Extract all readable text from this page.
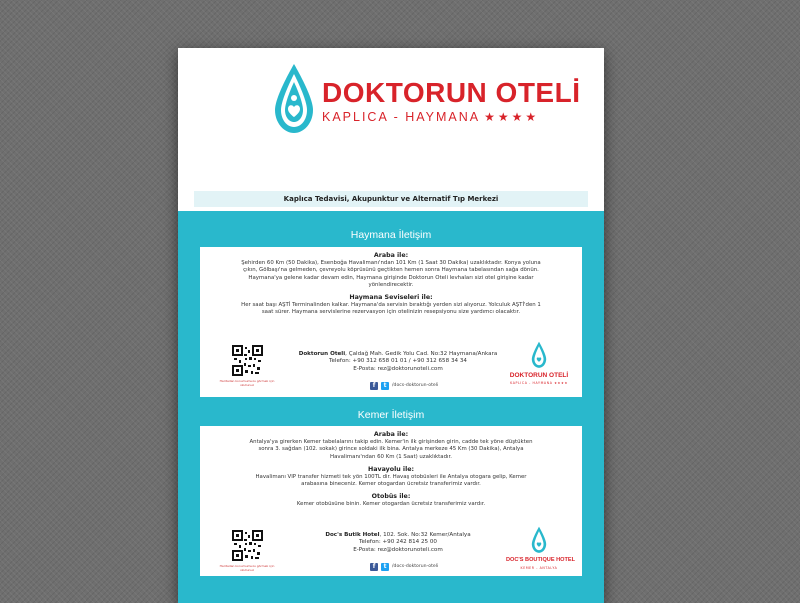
DOKTORUN OTELİ
KAPLICA - HAYMANA ★★★★
Kaplıca Tedavisi, Akupunktur ve Alternatif Tıp Merkezi
Haymana İletişim
Araba ile:
Şehirden 60 Km (50 Dakika), Esenboğa Havalimanı'ndan 101 Km (1 Saat 30 Dakika) uzaklıktadır. Konya yoluna çıkın, Gölbaşı'na gelmeden, çevreyolu köprüsünü geçtikten hemen sonra Haymana tabelasından sağa dönün. Haymana'ya gelene kadar devam edin, Haymana girişinde Doktorun Oteli levhaları sizi otel girişine kadar yönlendirecektir.
Haymana Seviseleri ile:
Her saat başı AŞTİ Terminalinden kalkar. Haymana'da servisin bıraktığı yerden sizi alıyoruz. Yolculuk AŞTİ'den 1 saat sürer. Haymana servislerine rezervasyon için otelinizin resepsiyonu size yardımcı olacaktır.
Haritadan konumumuzu görmek için okutunuz
Doktorun Oteli, Çaldağ Mah. Gedik Yolu Cad. No:32 Haymana/Ankara
Telefon: +90 312 658 01 01 / +90 312 658 34 34
E-Posta: rez@doktorunoteli.com
f	t	/docs-doktorun-oteli
DOKTORUN OTELİ
KAPLICA - HAYMANA ★★★★
Kemer İletişim
Araba ile:
Antalya'ya girerken Kemer tabelalarını takip edin. Kemer'in ilk girişinden girin, cadde tek yöne düştükten sonra 3. sağdan (102. sokak) girince soldaki ilk bina. Antalya merkeze 45 Km (30 Dakika), Antalya Havalimanı'ndan 60 Km (1 Saat) uzaklıktadır.
Havayolu ile:
Havalimanı VIP transfer hizmeti tek yön 100TL dir. Havaş otobüsleri ile Antalya otogara gelip, Kemer arabasına bineceniz. Kemer otogardan ücretsiz transferimiz vardır.
Otobüs ile:
Kemer otobüsüne binin. Kemer otogardan ücretsiz transferimiz vardır.
Haritadan konumumuzu görmek için okutunuz
Doc's Butik Hotel, 102. Sok. No:32 Kemer/Antalya
Telefon: +90 242 814 25 00
E-Posta: rez@doktorunoteli.com
f	t	/docs-doktorun-oteli
DOC'S BOUTIQUE HOTEL
KEMER - ANTALYA
